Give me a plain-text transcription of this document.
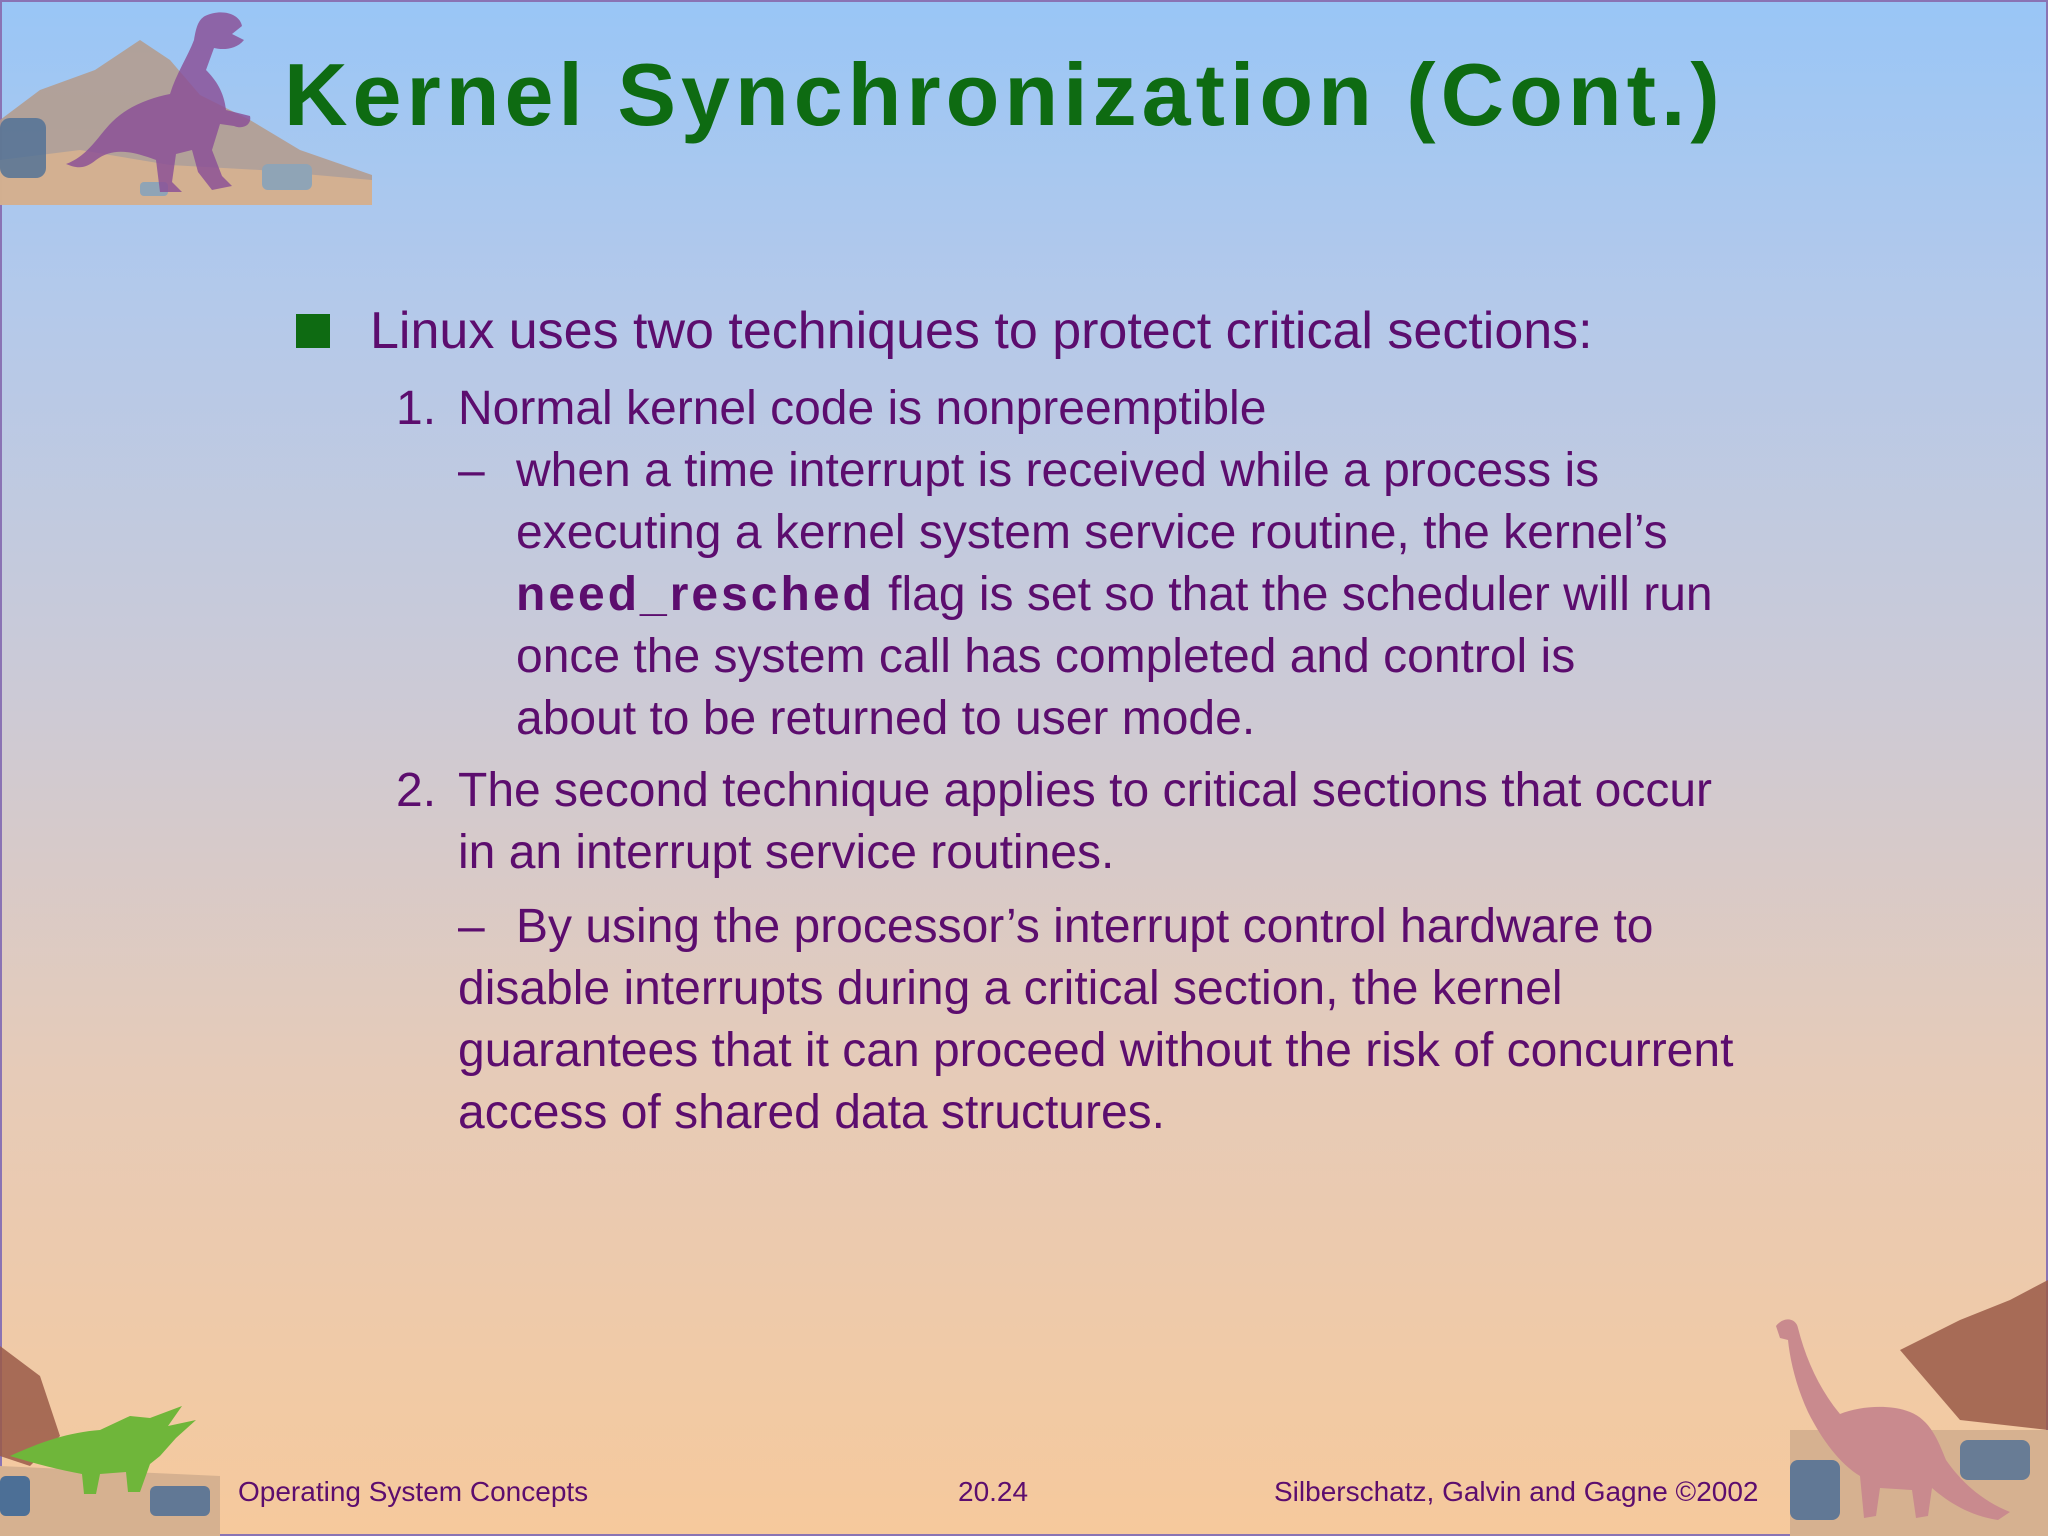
Kernel Synchronization (Cont.)
Linux uses two techniques to protect critical sections:
1. Normal kernel code is nonpreemptible
– when a time interrupt is received while a process is
executing a kernel system service routine, the kernel’s
need_resched flag is set so that the scheduler will run
once the system call has completed and control is
about to be returned to user mode.
2. The second technique applies to critical sections that occur
in an interrupt service routines.
– By using the processor’s interrupt control hardware to
disable interrupts during a critical section, the kernel
guarantees that it can proceed without the risk of concurrent
access of shared data structures.
Operating System Concepts	20.24	Silberschatz, Galvin and Gagne ©2002
